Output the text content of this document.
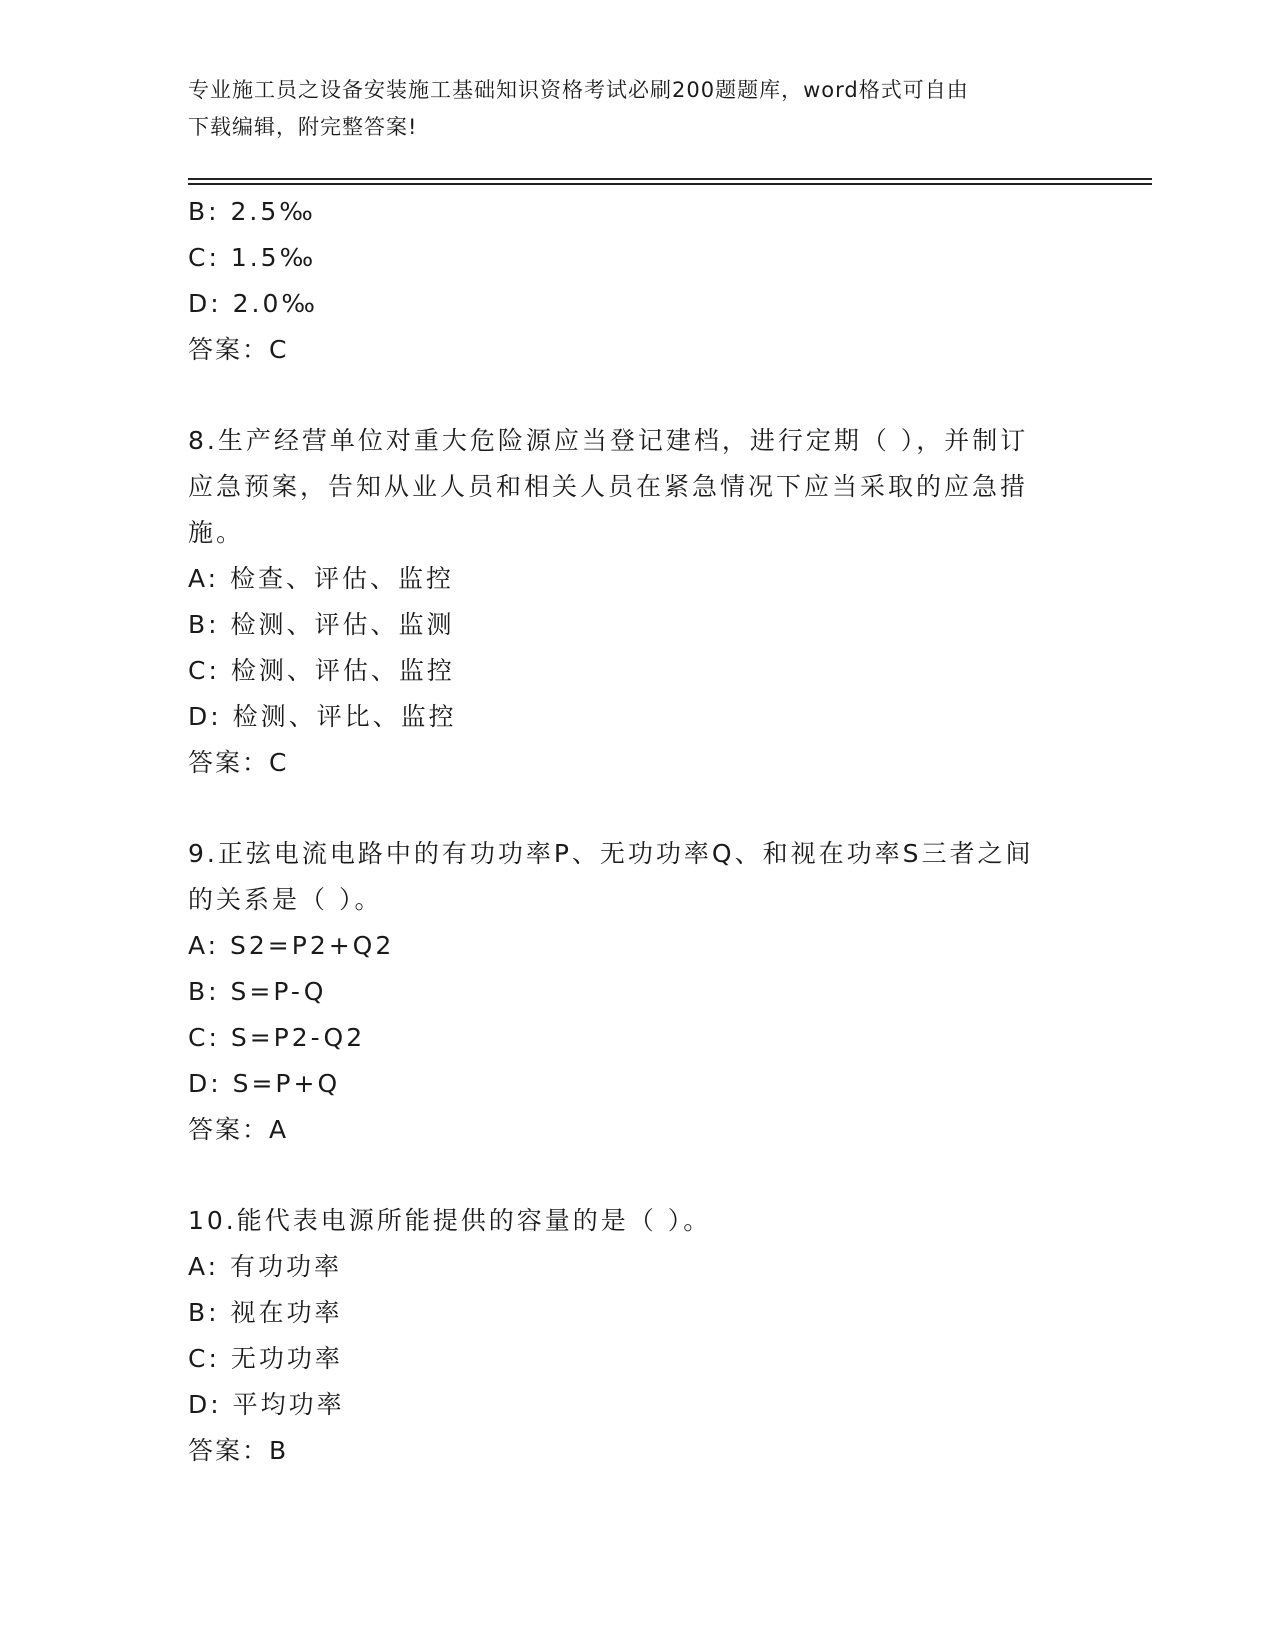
专业施工员之设备安装施工基础知识资格考试必刷200题题库，word格式可自由
下载编辑，附完整答案!
B: 2.5‰
C: 1.5‰
D: 2.0‰
答案：C
8.生产经营单位对重大危险源应当登记建档，进行定期（ ），并制订
应急预案，告知从业人员和相关人员在紧急情况下应当采取的应急措
施。
A: 检查、评估、监控
B: 检测、评估、监测
C: 检测、评估、监控
D: 检测、评比、监控
答案：C
9.正弦电流电路中的有功功率P、无功功率Q、和视在功率S三者之间
的关系是（ ）。
A: S2=P2+Q2
B: S=P-Q
C: S=P2-Q2
D: S=P+Q
答案：A
10.能代表电源所能提供的容量的是（ ）。
A: 有功功率
B: 视在功率
C: 无功功率
D: 平均功率
答案：B
